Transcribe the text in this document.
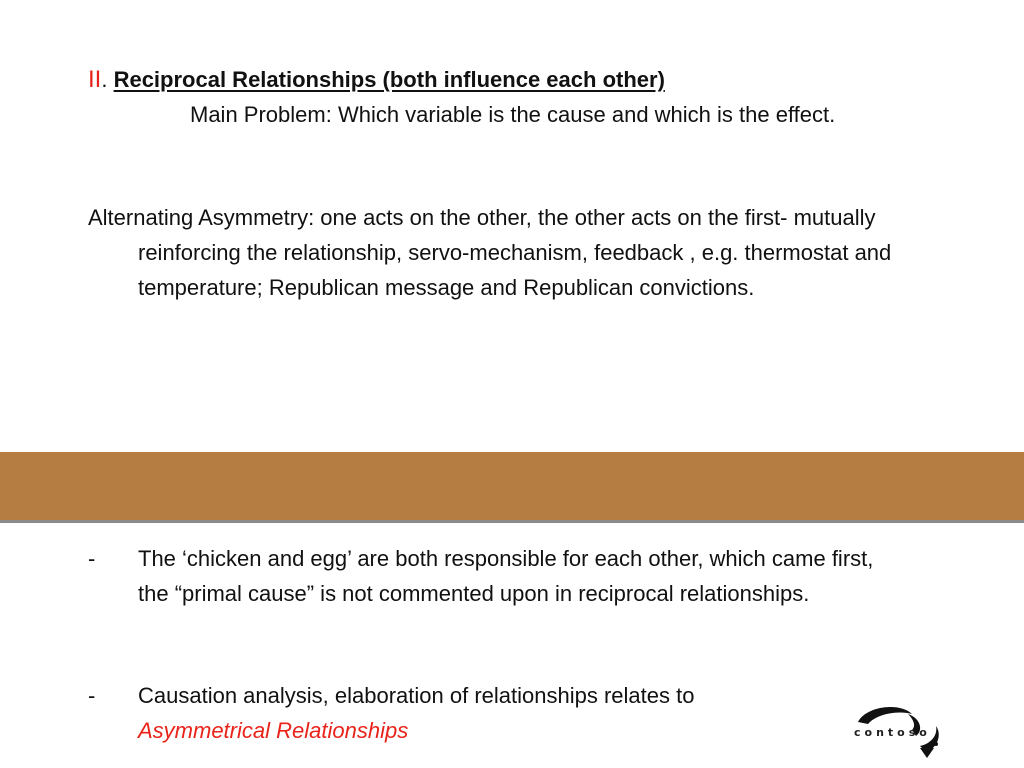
II. Reciprocal Relationships (both influence each other)
Main Problem: Which variable is the cause and which is the effect.
Alternating Asymmetry: one acts on the other, the other acts on the first- mutually reinforcing the relationship, servo-mechanism, feedback , e.g. thermostat and temperature; Republican message and Republican convictions.
-	The ‘chicken and egg’ are both responsible for each other, which came first, the “primal cause” is not commented upon in reciprocal relationships.
-	Causation analysis, elaboration of relationships relates to
Asymmetrical Relationships	contoso
